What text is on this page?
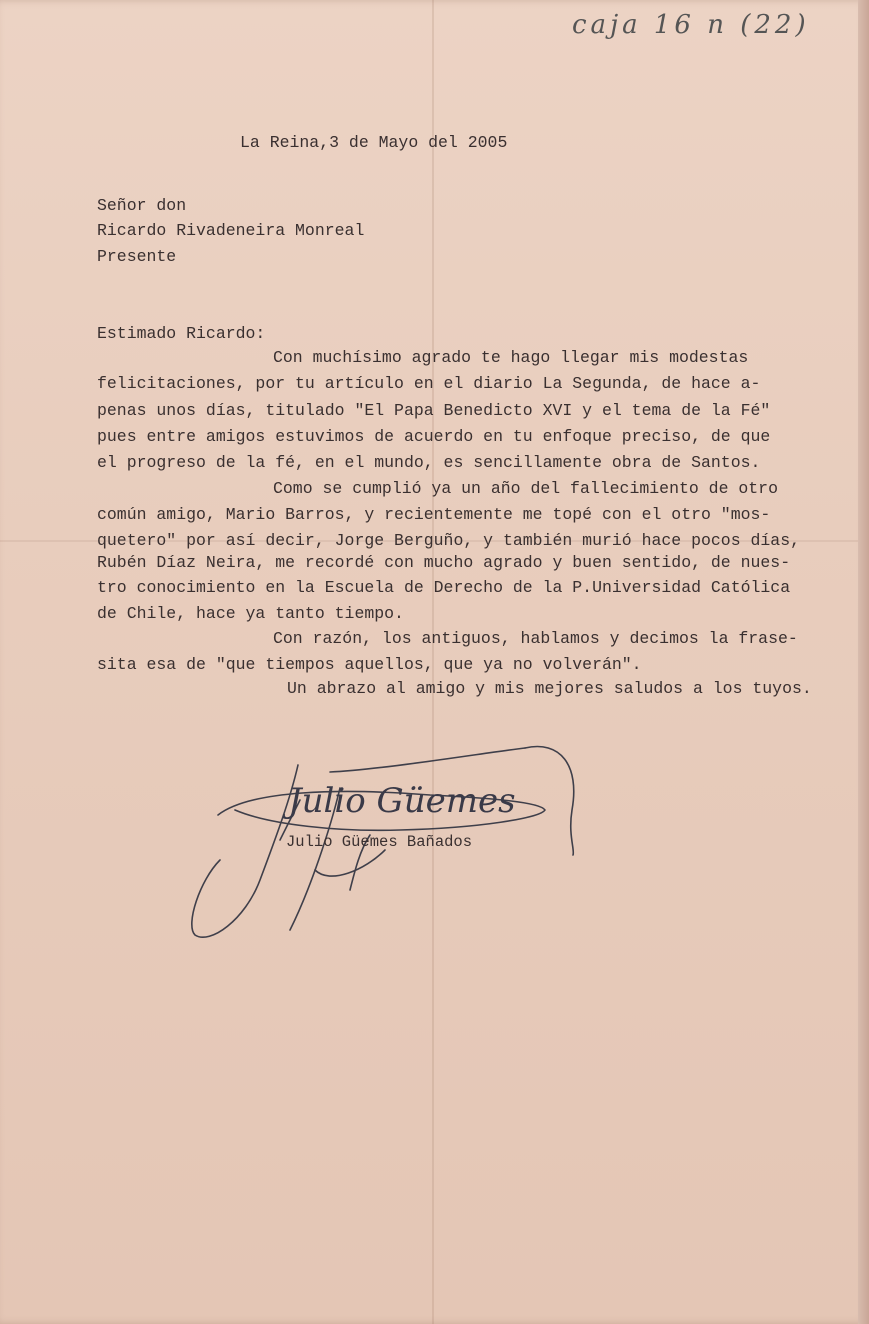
caja 16 n (22)
La Reina,3 de Mayo del 2005
Señor don
Ricardo Rivadeneira Monreal
Presente
Estimado Ricardo:
Con muchísimo agrado te hago llegar mis modestas
felicitaciones, por tu artículo en el diario La Segunda, de hace a-
penas unos días, titulado "El Papa Benedicto XVI y el tema de la Fé"
pues entre amigos estuvimos de acuerdo en tu enfoque preciso, de que
el progreso de la fé, en el mundo, es sencillamente obra de Santos.
Como se cumplió ya un año del fallecimiento de otro
común amigo, Mario Barros, y recientemente me topé con el otro "mos-
quetero" por así decir, Jorge Berguño, y también murió hace pocos días,
Rubén Díaz Neira, me recordé con mucho agrado y buen sentido, de nues-
tro conocimiento en la Escuela de Derecho de la P.Universidad Católica
de Chile, hace ya tanto tiempo.
Con razón, los antiguos, hablamos y decimos la frase-
sita esa de "que tiempos aquellos, que ya no volverán".
Un abrazo al amigo y mis mejores saludos a los tuyos.
Julio Güemes
Julio Güemes Bañados
